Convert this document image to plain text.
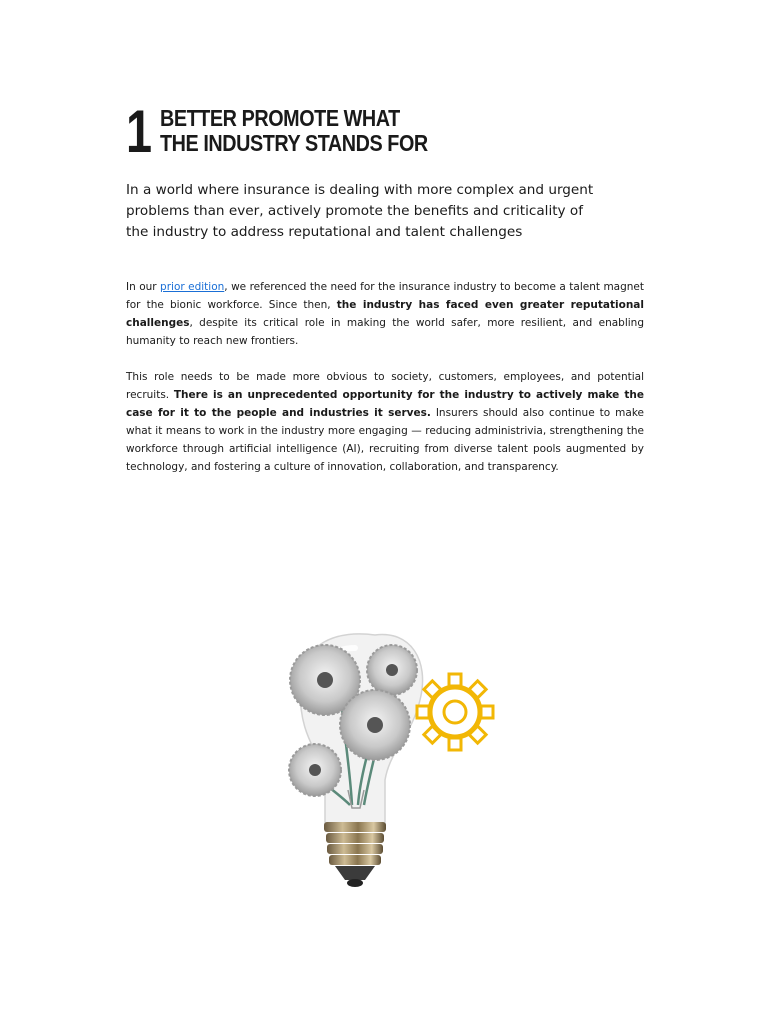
1 BETTER PROMOTE WHAT
THE INDUSTRY STANDS FOR
In a world where insurance is dealing with more complex and urgent problems than ever, actively promote the benefits and criticality of the industry to address reputational and talent challenges

In our prior edition, we referenced the need for the insurance industry to become a talent magnet for the bionic workforce. Since then, the industry has faced even greater reputational challenges, despite its critical role in making the world safer, more resilient, and enabling humanity to reach new frontiers.

This role needs to be made more obvious to society, customers, employees, and potential recruits. There is an unprecedented opportunity for the industry to actively make the case for it to the people and industries it serves. Insurers should also continue to make what it means to work in the industry more engaging — reducing administrivia, strengthening the workforce through artificial intelligence (AI), recruiting from diverse talent pools augmented by technology, and fostering a culture of innovation, collaboration, and transparency.
